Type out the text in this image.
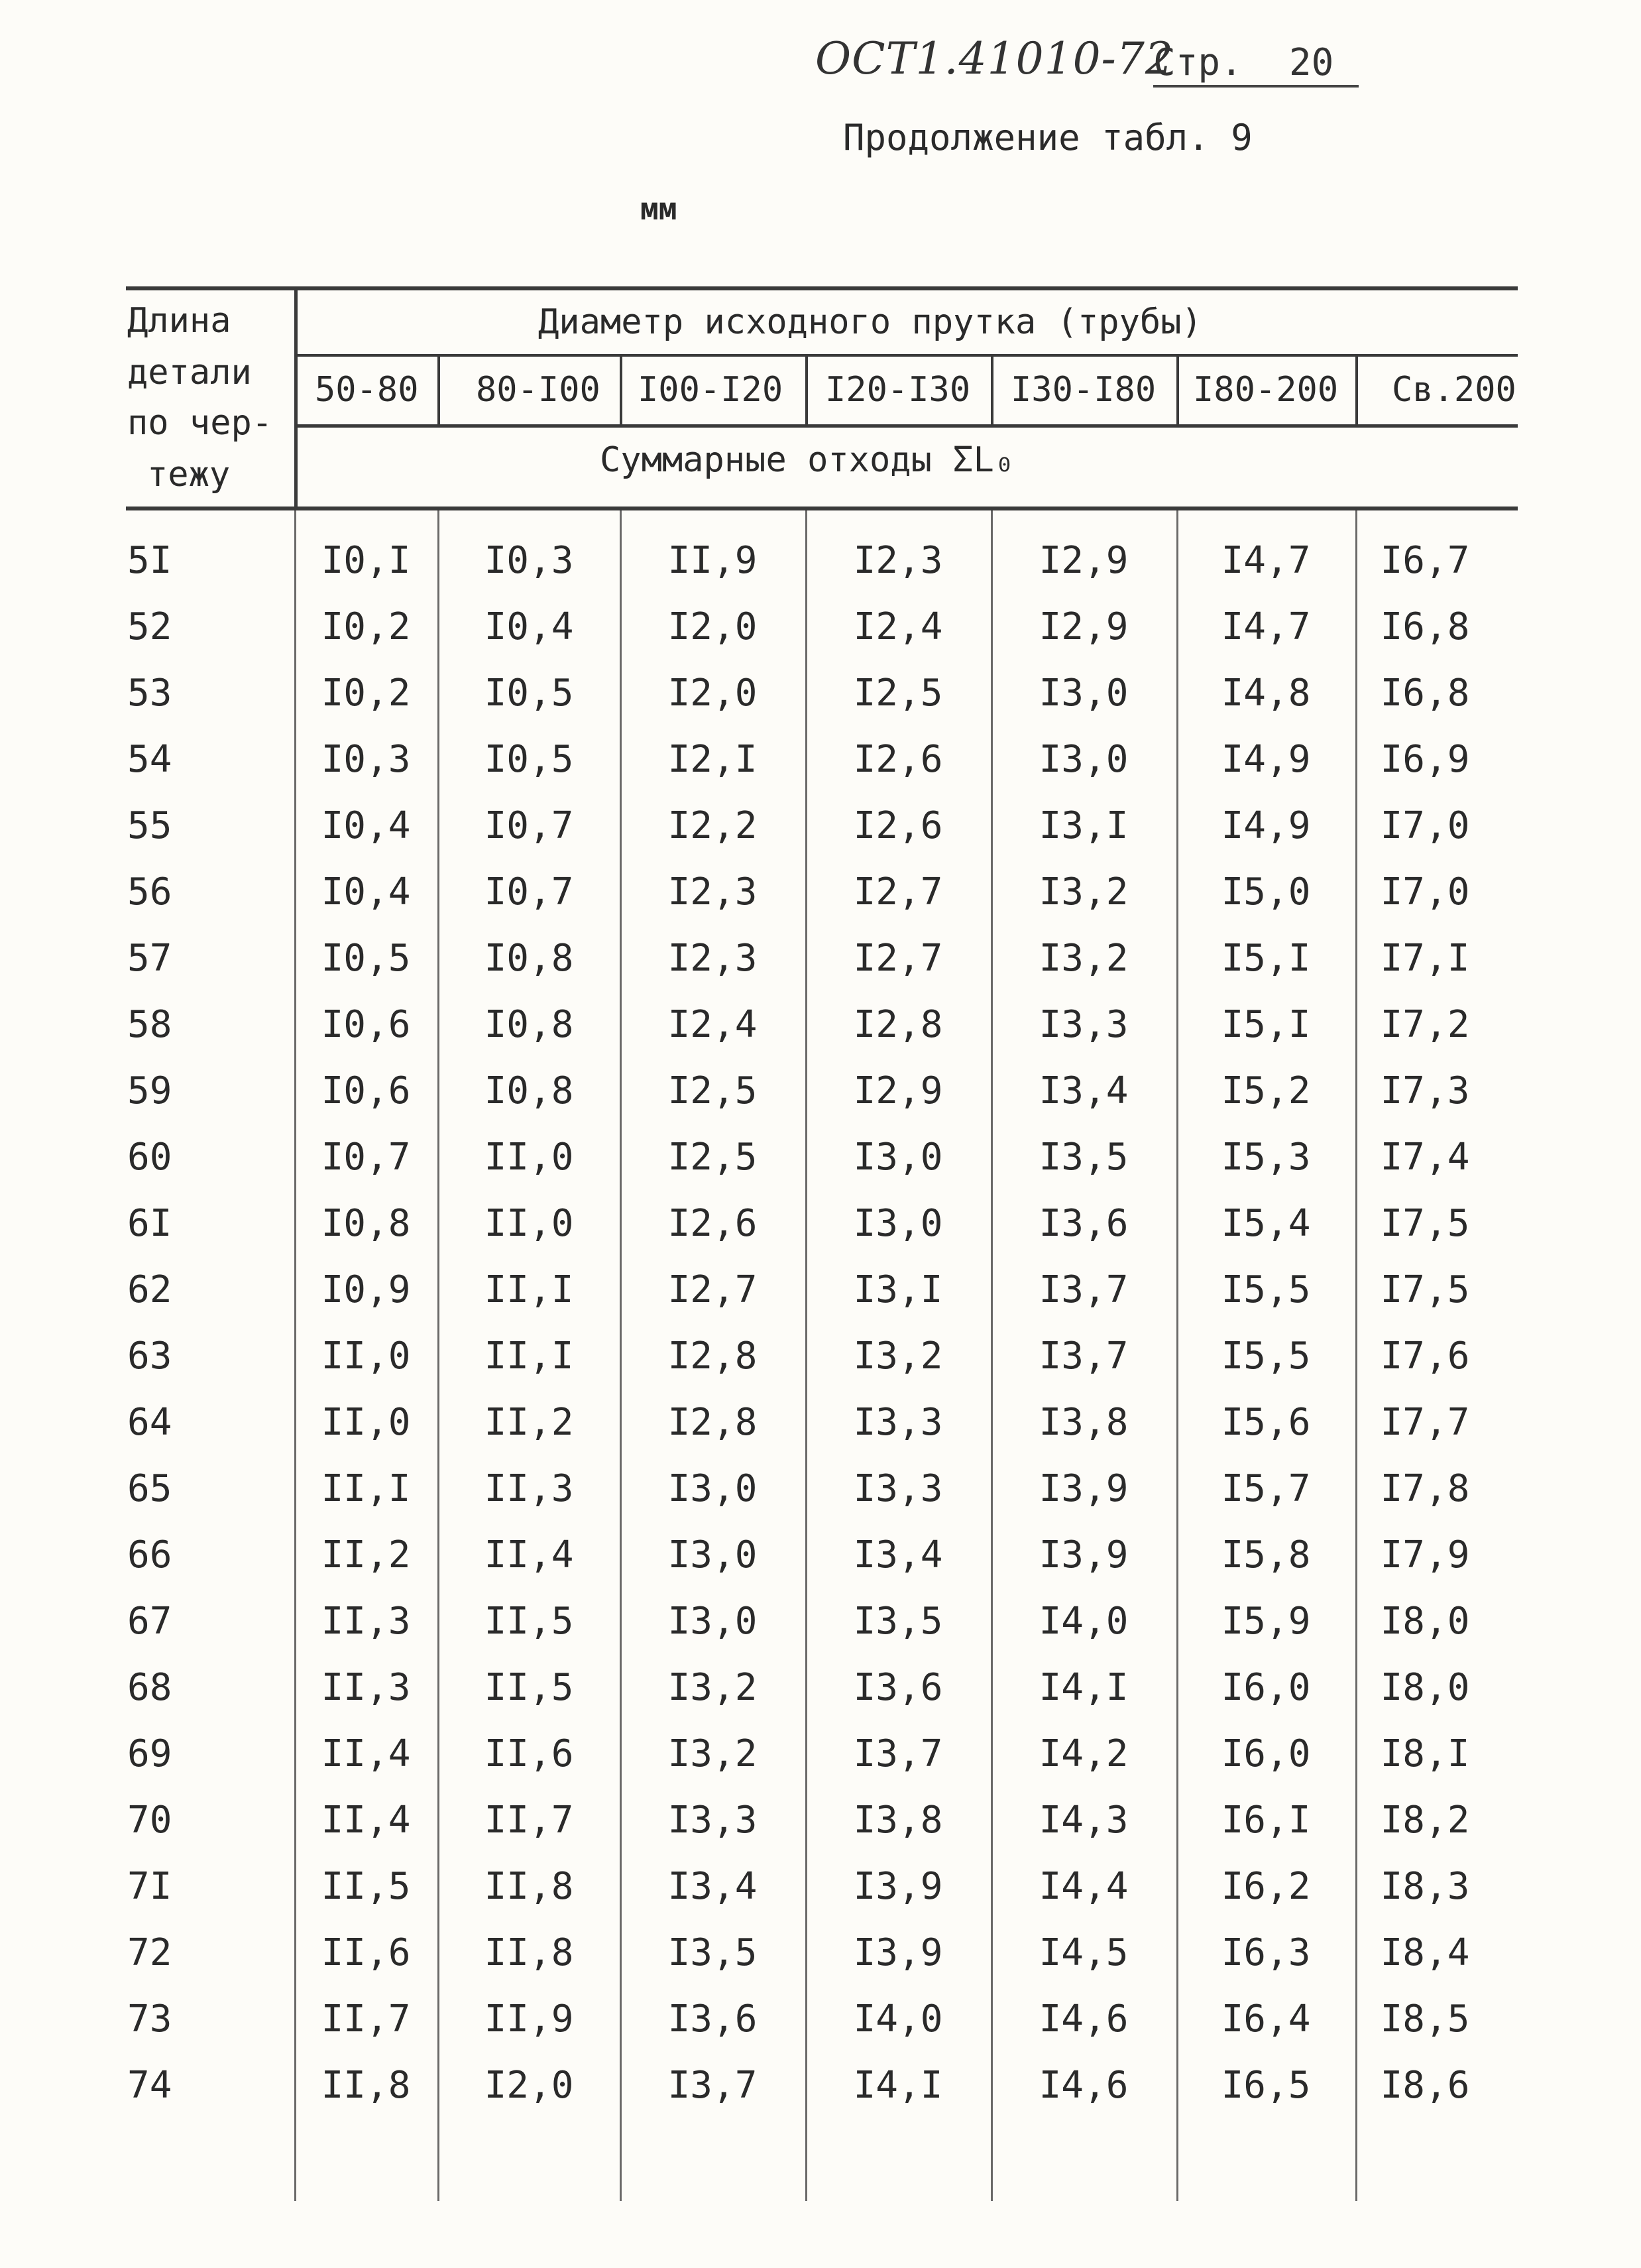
ОСТ1.41010-72
Стр. 20
Продолжение табл. 9
мм
Длина
детали
по чер-
тежу
Диаметр исходного прутка (трубы)
50-80 80-I00 I00-I20 I20-I30 I30-I80 I80-200 Св.200
Суммарные отходы ΣL₀
5I	I0,I	I0,3	II,9	I2,3	I2,9	I4,7	I6,7
52	I0,2	I0,4	I2,0	I2,4	I2,9	I4,7	I6,8
53	I0,2	I0,5	I2,0	I2,5	I3,0	I4,8	I6,8
54	I0,3	I0,5	I2,I	I2,6	I3,0	I4,9	I6,9
55	I0,4	I0,7	I2,2	I2,6	I3,I	I4,9	I7,0
56	I0,4	I0,7	I2,3	I2,7	I3,2	I5,0	I7,0
57	I0,5	I0,8	I2,3	I2,7	I3,2	I5,I	I7,I
58	I0,6	I0,8	I2,4	I2,8	I3,3	I5,I	I7,2
59	I0,6	I0,8	I2,5	I2,9	I3,4	I5,2	I7,3
60	I0,7	II,0	I2,5	I3,0	I3,5	I5,3	I7,4
6I	I0,8	II,0	I2,6	I3,0	I3,6	I5,4	I7,5
62	I0,9	II,I	I2,7	I3,I	I3,7	I5,5	I7,5
63	II,0	II,I	I2,8	I3,2	I3,7	I5,5	I7,6
64	II,0	II,2	I2,8	I3,3	I3,8	I5,6	I7,7
65	II,I	II,3	I3,0	I3,3	I3,9	I5,7	I7,8
66	II,2	II,4	I3,0	I3,4	I3,9	I5,8	I7,9
67	II,3	II,5	I3,0	I3,5	I4,0	I5,9	I8,0
68	II,3	II,5	I3,2	I3,6	I4,I	I6,0	I8,0
69	II,4	II,6	I3,2	I3,7	I4,2	I6,0	I8,I
70	II,4	II,7	I3,3	I3,8	I4,3	I6,I	I8,2
7I	II,5	II,8	I3,4	I3,9	I4,4	I6,2	I8,3
72	II,6	II,8	I3,5	I3,9	I4,5	I6,3	I8,4
73	II,7	II,9	I3,6	I4,0	I4,6	I6,4	I8,5
74	II,8	I2,0	I3,7	I4,I	I4,6	I6,5	I8,6
